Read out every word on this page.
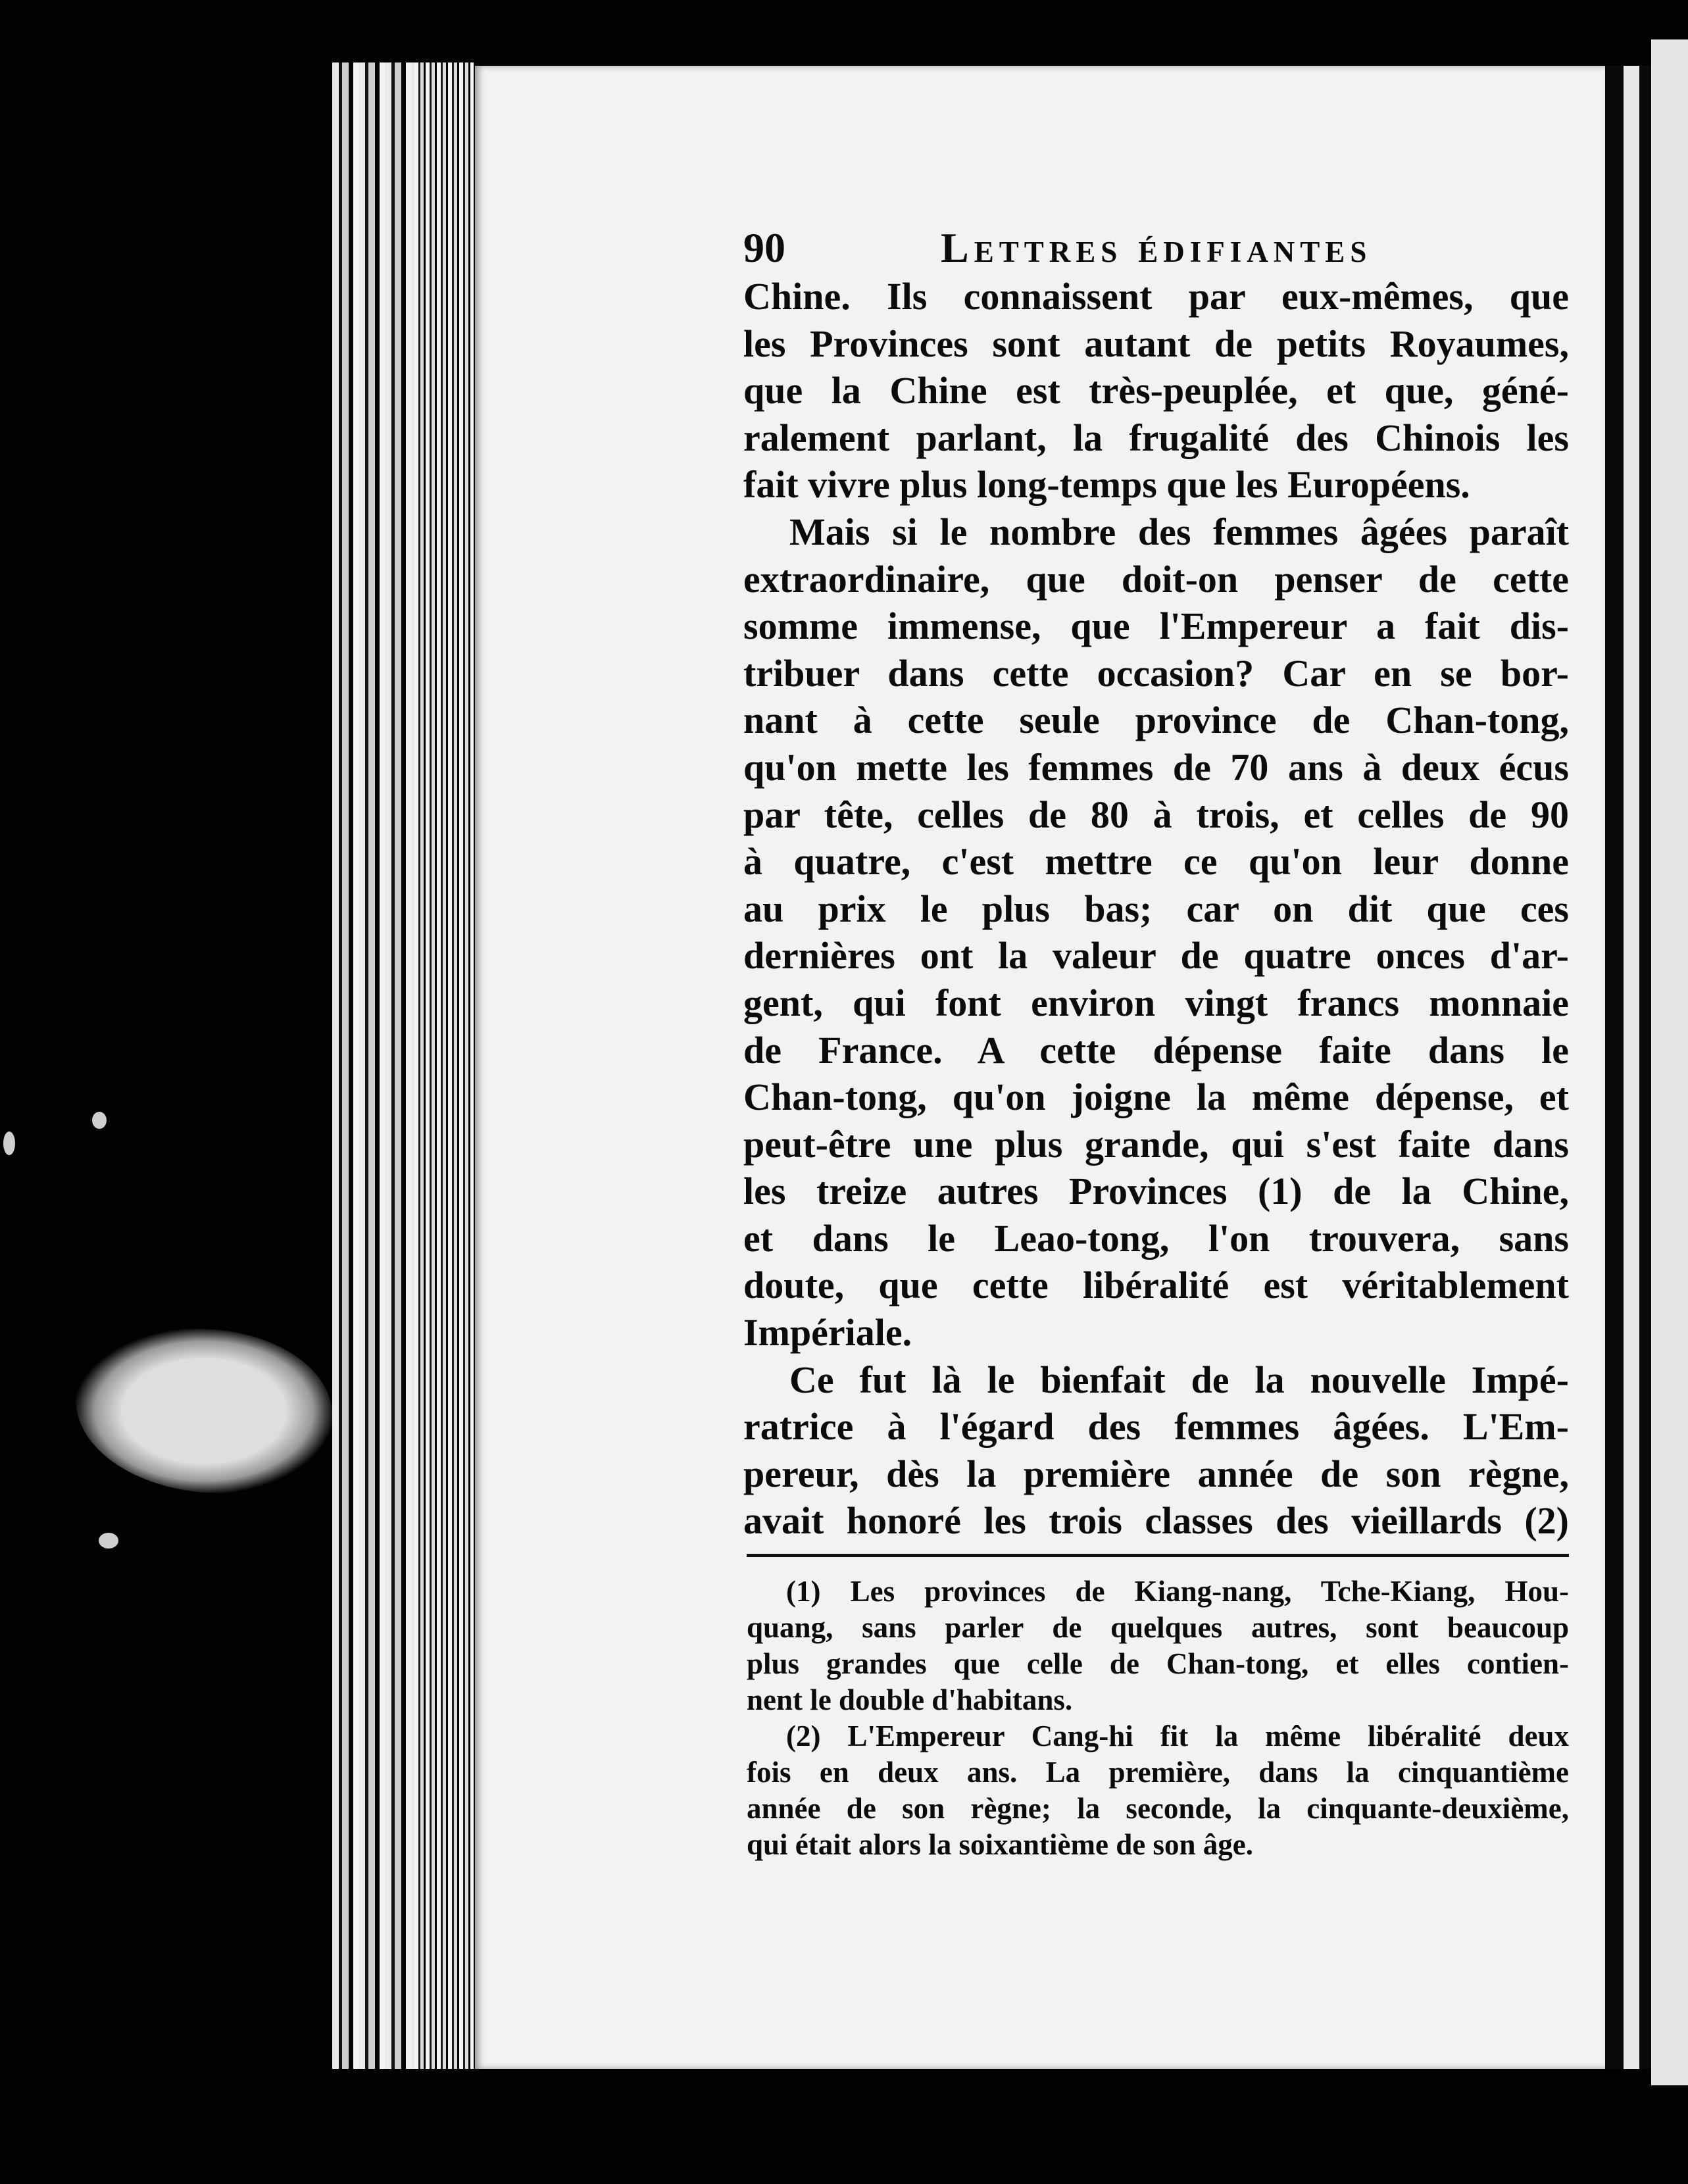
90	Lettres édifiantes
Chine. Ils connaissent par eux-mêmes, que
les Provinces sont autant de petits Royaumes,
que la Chine est très-peuplée, et que, géné-
ralement parlant, la frugalité des Chinois les
fait vivre plus long-temps que les Européens.
Mais si le nombre des femmes âgées paraît
extraordinaire, que doit-on penser de cette
somme immense, que l'Empereur a fait dis-
tribuer dans cette occasion? Car en se bor-
nant à cette seule province de Chan-tong,
qu'on mette les femmes de 70 ans à deux écus
par tête, celles de 80 à trois, et celles de 90
à quatre, c'est mettre ce qu'on leur donne
au prix le plus bas; car on dit que ces
dernières ont la valeur de quatre onces d'ar-
gent, qui font environ vingt francs monnaie
de France. A cette dépense faite dans le
Chan-tong, qu'on joigne la même dépense, et
peut-être une plus grande, qui s'est faite dans
les treize autres Provinces (1) de la Chine,
et dans le Leao-tong, l'on trouvera, sans
doute, que cette libéralité est véritablement
Impériale.
Ce fut là le bienfait de la nouvelle Impé-
ratrice à l'égard des femmes âgées. L'Em-
pereur, dès la première année de son règne,
avait honoré les trois classes des vieillards (2)
(1) Les provinces de Kiang-nang, Tche-Kiang, Hou-
quang, sans parler de quelques autres, sont beaucoup
plus grandes que celle de Chan-tong, et elles contien-
nent le double d'habitans.
(2) L'Empereur Cang-hi fit la même libéralité deux
fois en deux ans. La première, dans la cinquantième
année de son règne; la seconde, la cinquante-deuxième,
qui était alors la soixantième de son âge.
